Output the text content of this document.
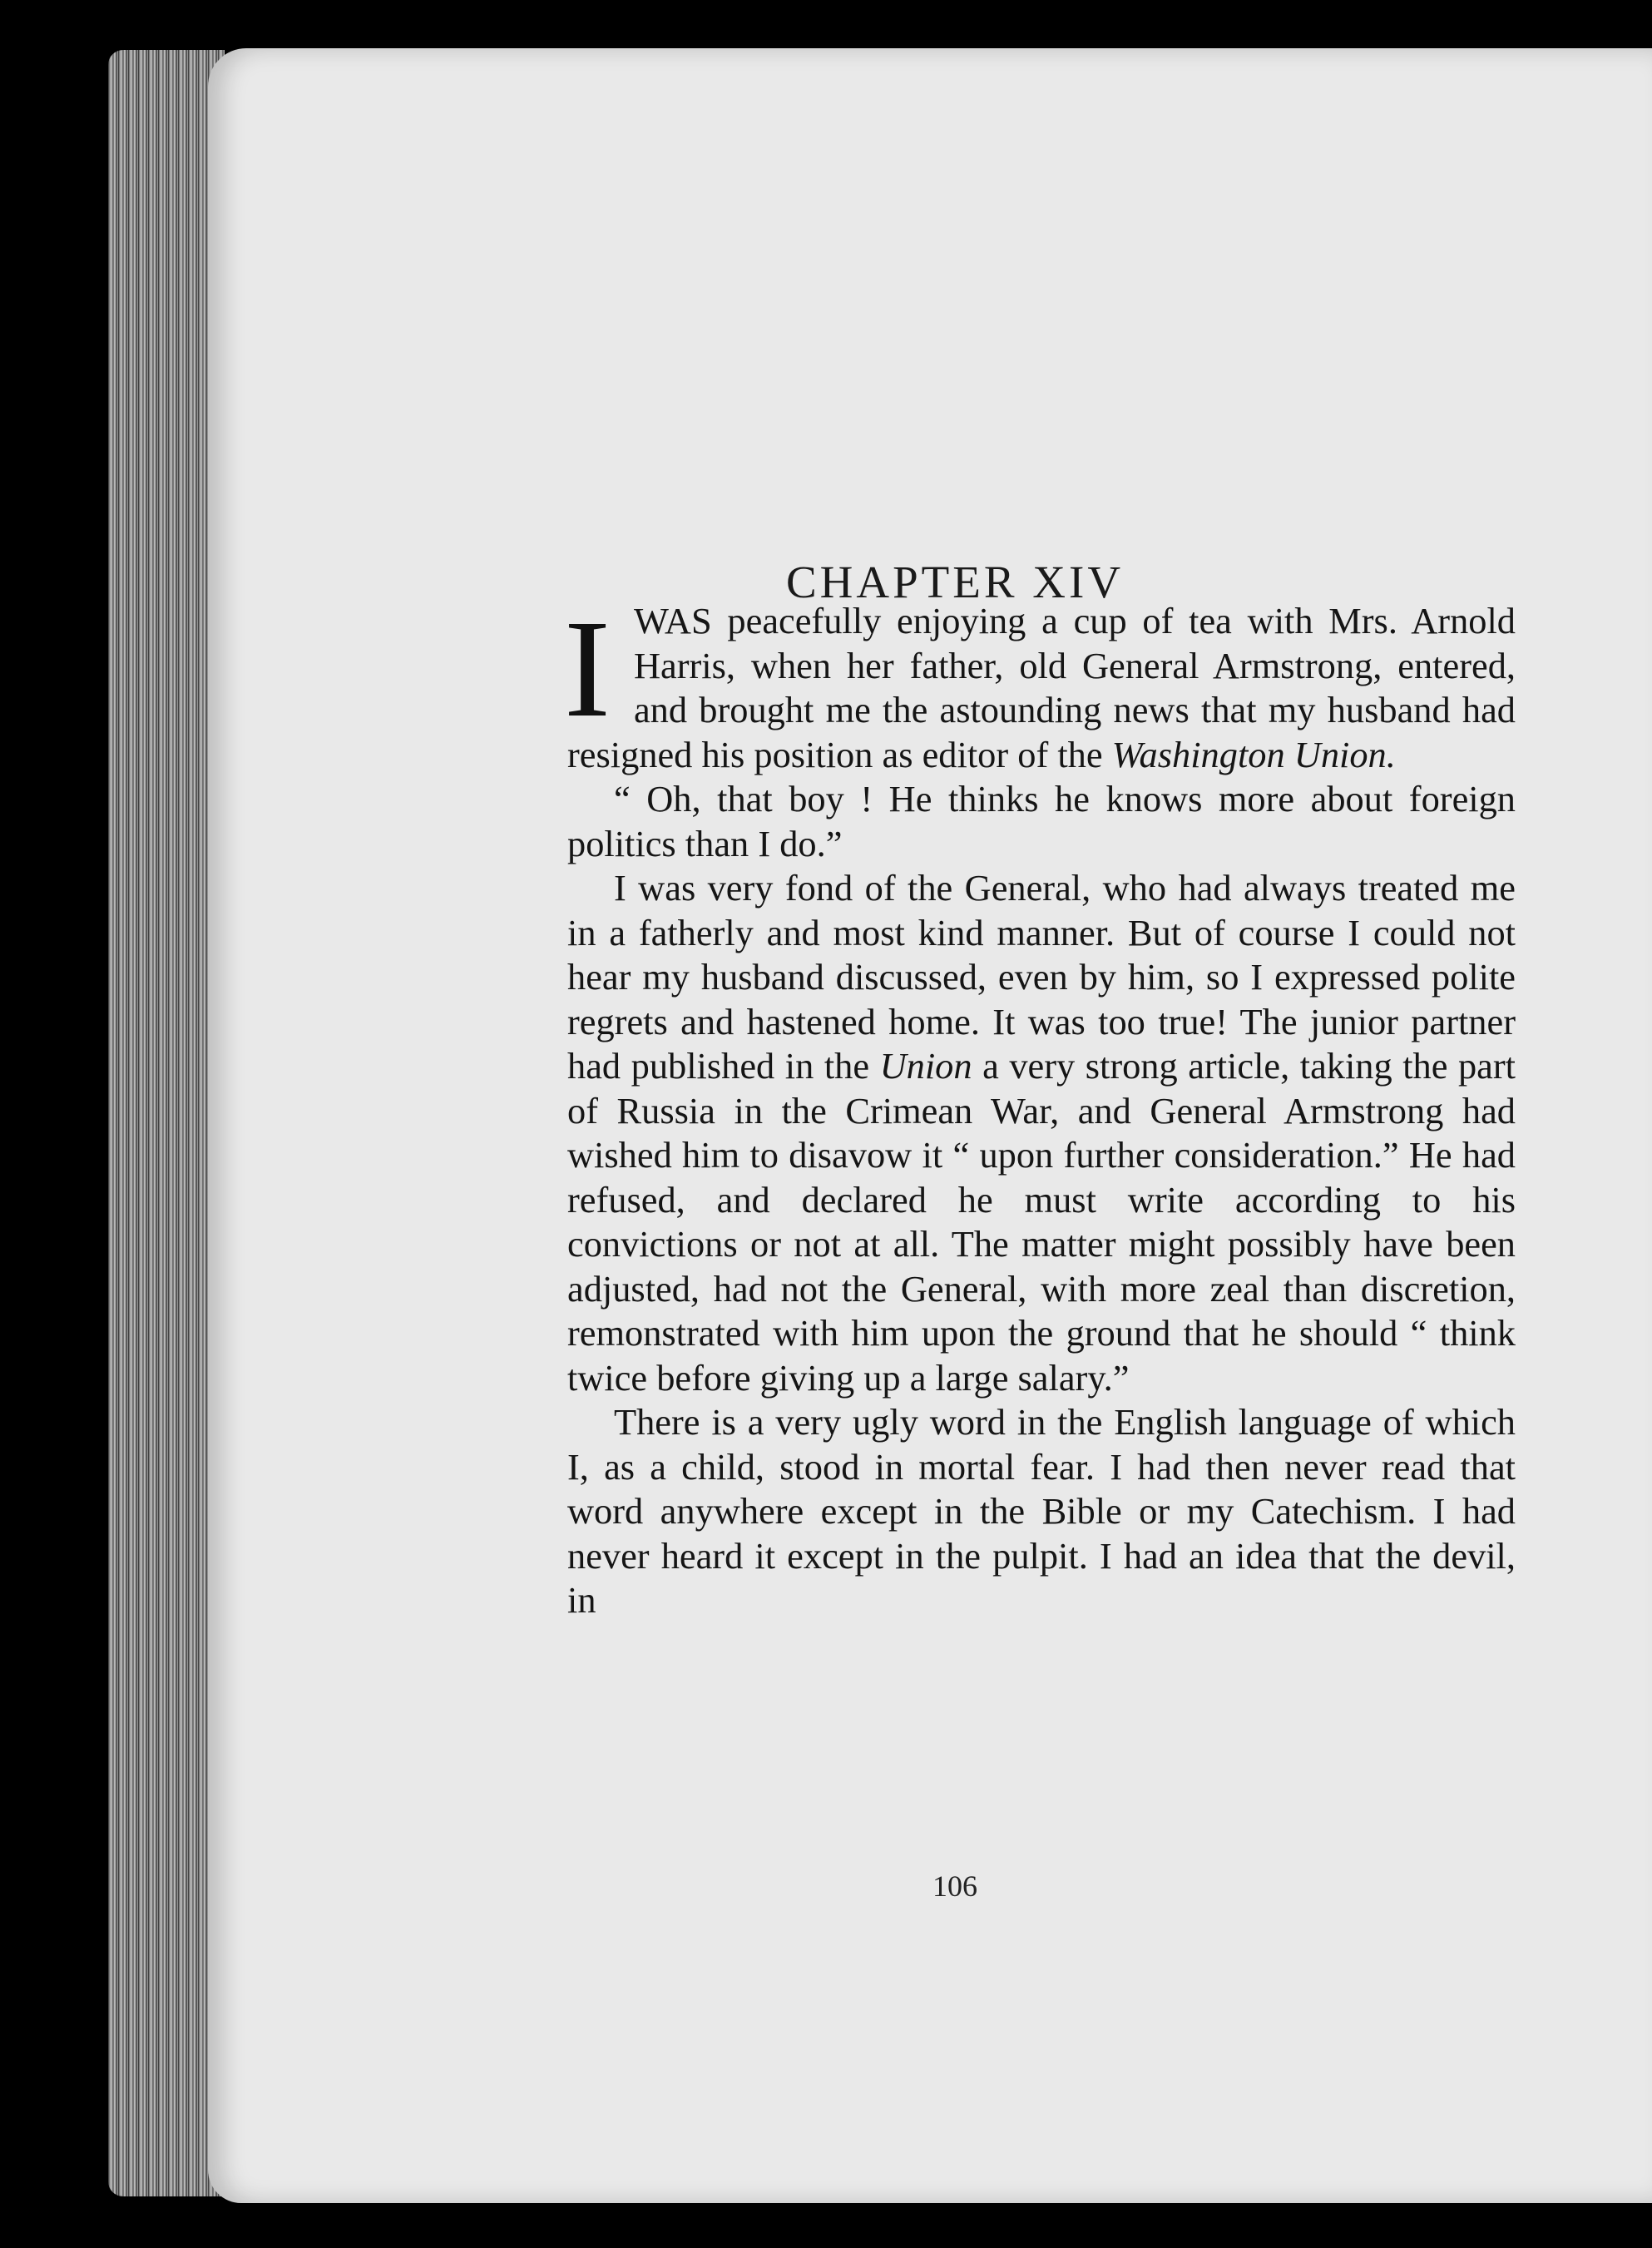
CHAPTER XIV
106

IWAS peacefully enjoying a cup of tea with Mrs. Arnold Harris, when her father, old General Armstrong, entered, and brought me the astounding news that my husband had resigned his position as editor of the Washington Union.

“ Oh, that boy ! He thinks he knows more about foreign politics than I do.”

I was very fond of the General, who had always treated me in a fatherly and most kind manner. But of course I could not hear my husband discussed, even by him, so I expressed polite regrets and hastened home. It was too true! The junior partner had published in the Union a very strong article, taking the part of Russia in the Crimean War, and General Armstrong had wished him to disavow it “ upon further consideration.” He had refused, and declared he must write according to his convictions or not at all. The matter might possibly have been adjusted, had not the General, with more zeal than discretion, remonstrated with him upon the ground that he should “ think twice before giving up a large salary.”

There is a very ugly word in the English language of which I, as a child, stood in mortal fear. I had then never read that word anywhere except in the Bible or my Catechism. I had never heard it except in the pulpit. I had an idea that the devil, in
